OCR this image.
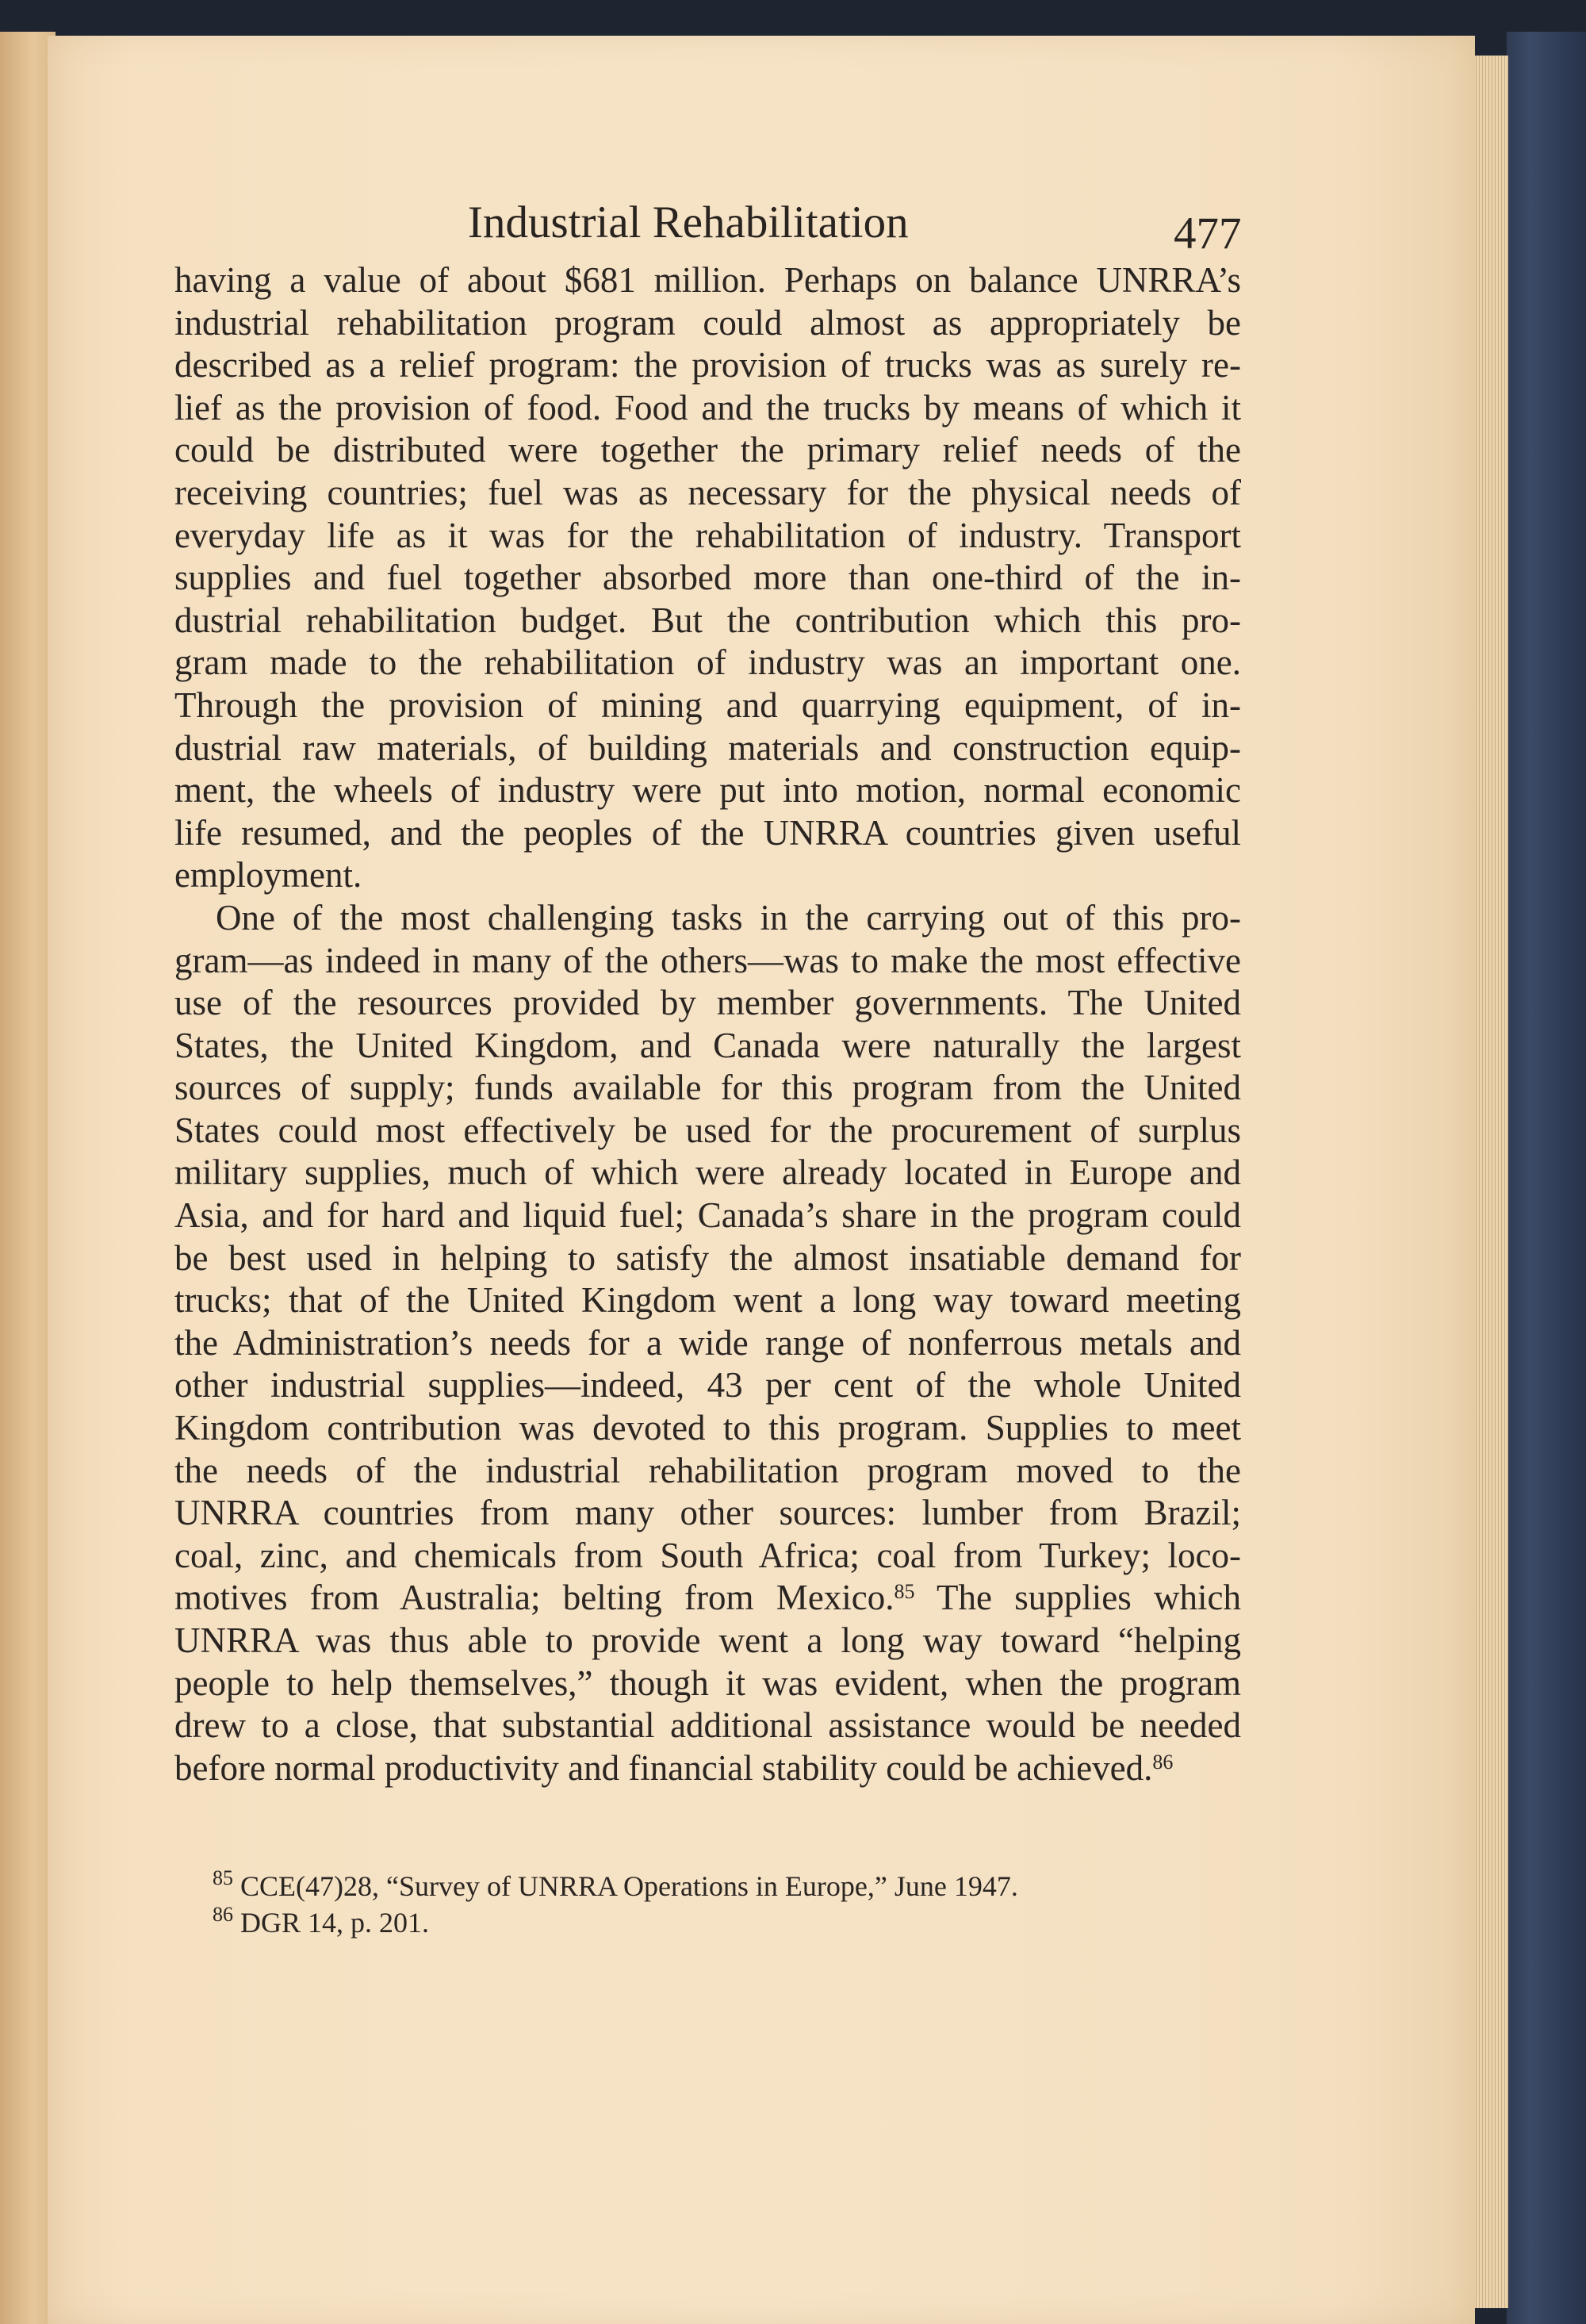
Industrial Rehabilitation	477
having a value of about $681 million. Perhaps on balance UNRRA’s
industrial rehabilitation program could almost as appropriately be
described as a relief program: the provision of trucks was as surely re-
lief as the provision of food. Food and the trucks by means of which it
could be distributed were together the primary relief needs of the
receiving countries; fuel was as necessary for the physical needs of
everyday life as it was for the rehabilitation of industry. Transport
supplies and fuel together absorbed more than one-third of the in-
dustrial rehabilitation budget. But the contribution which this pro-
gram made to the rehabilitation of industry was an important one.
Through the provision of mining and quarrying equipment, of in-
dustrial raw materials, of building materials and construction equip-
ment, the wheels of industry were put into motion, normal economic
life resumed, and the peoples of the UNRRA countries given useful
employment.
One of the most challenging tasks in the carrying out of this pro-
gram—as indeed in many of the others—was to make the most effective
use of the resources provided by member governments. The United
States, the United Kingdom, and Canada were naturally the largest
sources of supply; funds available for this program from the United
States could most effectively be used for the procurement of surplus
military supplies, much of which were already located in Europe and
Asia, and for hard and liquid fuel; Canada’s share in the program could
be best used in helping to satisfy the almost insatiable demand for
trucks; that of the United Kingdom went a long way toward meeting
the Administration’s needs for a wide range of nonferrous metals and
other industrial supplies—indeed, 43 per cent of the whole United
Kingdom contribution was devoted to this program. Supplies to meet
the needs of the industrial rehabilitation program moved to the
UNRRA countries from many other sources: lumber from Brazil;
coal, zinc, and chemicals from South Africa; coal from Turkey; loco-
motives from Australia; belting from Mexico.$^{85}$ The supplies which
UNRRA was thus able to provide went a long way toward “helping
people to help themselves,” though it was evident, when the program
drew to a close, that substantial additional assistance would be needed
before normal productivity and financial stability could be achieved.$^{86}$
$^{85}$ CCE(47)28, “Survey of UNRRA Operations in Europe,” June 1947.
$^{86}$ DGR 14, p. 201.
